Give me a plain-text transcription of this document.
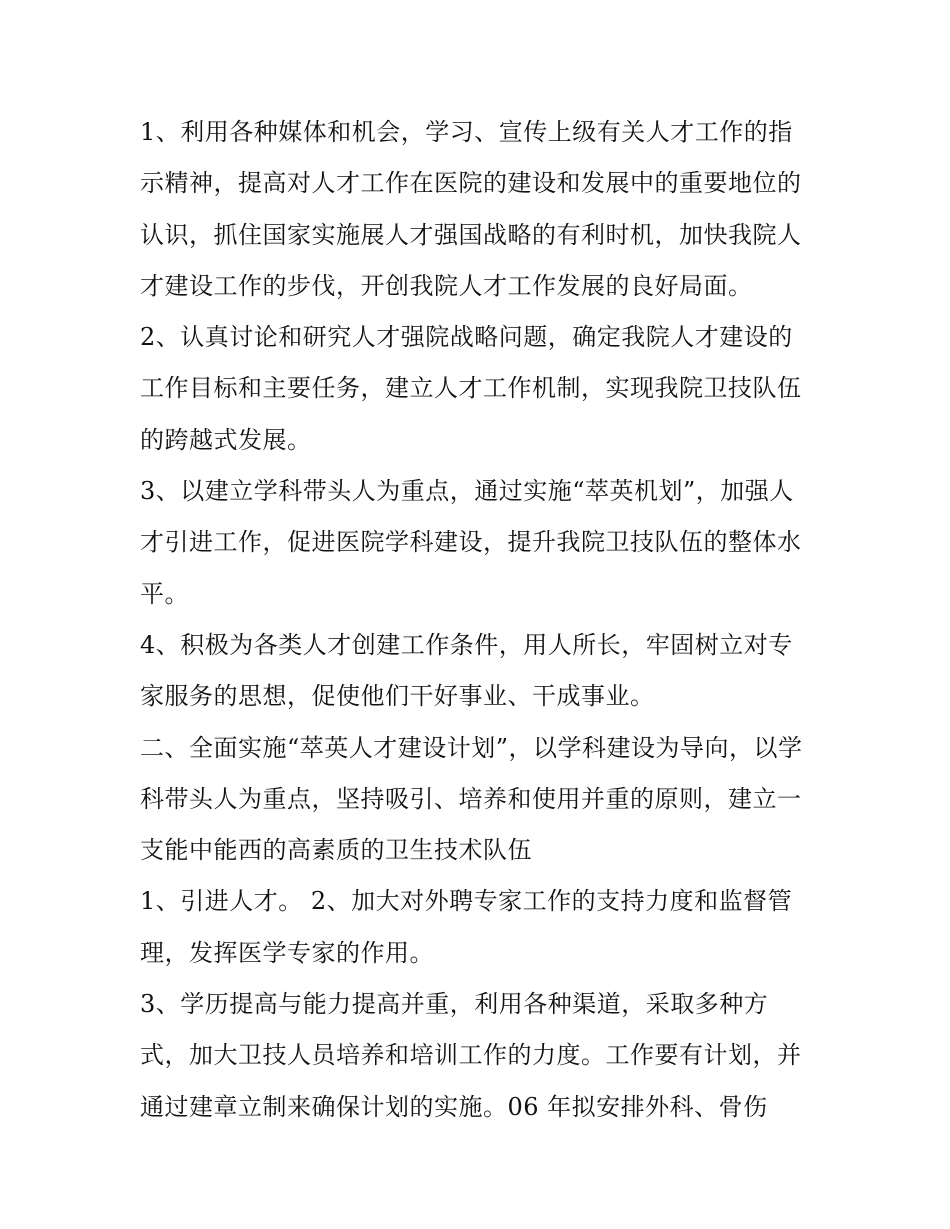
1、利用各种媒体和机会，学习、宣传上级有关人才工作的指
示精神，提高对人才工作在医院的建设和发展中的重要地位的
认识，抓住国家实施展人才强国战略的有利时机，加快我院人
才建设工作的步伐，开创我院人才工作发展的良好局面。
2、认真讨论和研究人才强院战略问题，确定我院人才建设的
工作目标和主要任务，建立人才工作机制，实现我院卫技队伍
的跨越式发展。
3、以建立学科带头人为重点，通过实施“萃英机划”，加强人
才引进工作，促进医院学科建设，提升我院卫技队伍的整体水
平。
4、积极为各类人才创建工作条件，用人所长，牢固树立对专
家服务的思想，促使他们干好事业、干成事业。
二、全面实施“萃英人才建设计划”，以学科建设为导向，以学
科带头人为重点，坚持吸引、培养和使用并重的原则，建立一
支能中能西的高素质的卫生技术队伍
1、引进人才。 2、加大对外聘专家工作的支持力度和监督管
理，发挥医学专家的作用。
3、学历提高与能力提高并重，利用各种渠道，采取多种方
式，加大卫技人员培养和培训工作的力度。工作要有计划，并
通过建章立制来确保计划的实施。06 年拟安排外科、骨伤
